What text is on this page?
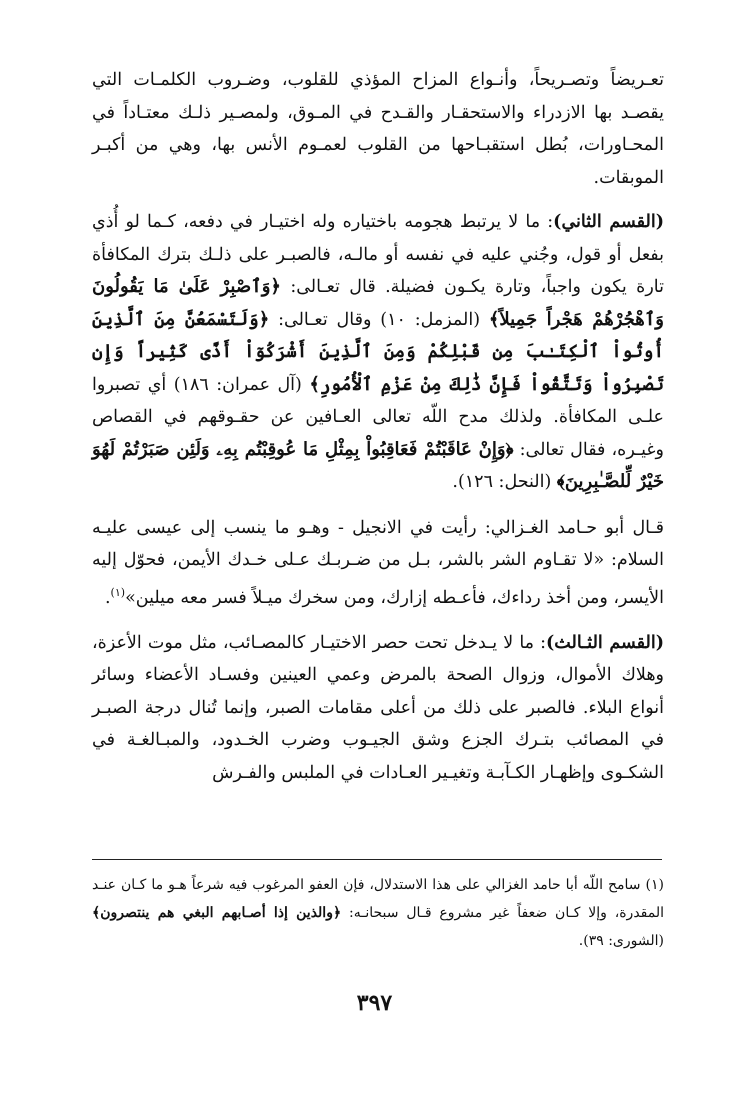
تعـريضاً وتصـريحاً، وأنـواع المزاح المؤذي للقلوب، وضـروب الكلمـات التي يقصـد بها الازدراء والاستحقـار والقـدح في المـوق، ولمصـير ذلـك معتـاداً في المحـاورات، بُطل استقبـاحها من القلوب لعمـوم الأنس بها، وهي من أكبـر الموبقات.

(القسم الثاني): ما لا يرتبط هجومه باختياره وله اختيـار في دفعه، كـما لو أُذي بفعل أو قول، وجُني عليه في نفسه أو مالـه، فالصبـر على ذلـك بترك المكافأة تارة يكون واجباً، وتارة يكـون فضيلة. قال تعـالى: ﴿وَٱصْبِرْ عَلَىٰ مَا يَقُولُونَ وَٱهْجُرْهُمْ هَجْراً جَمِيلاً﴾ (المزمل: ١٠) وقال تعـالى: ﴿وَلَتَسْمَعُنَّ مِنَ ٱلَّذِينَ أُوتُواْ ٱلْكِتَـٰبَ مِن قَبْلِكُمْ وَمِنَ ٱلَّذِينَ أَشْرَكُوٓاْ أَذًى كَثِيراً وَإِن تَصْبِرُواْ وَتَتَّقُواْ فَإِنَّ ذَٰلِكَ مِنْ عَزْمِ ٱلْأُمُورِ﴾ (آل عمران: ١٨٦) أي تصبروا علـى المكافأة. ولذلك مدح اللّه تعالى العـافين عن حقـوقهم في القصاص وغيـره، فقال تعالى: ﴿وَإِنْ عَاقَبْتُمْ فَعَاقِبُواْ بِمِثْلِ مَا عُوقِبْتُم بِهِۦ وَلَئِن صَبَرْتُمْ لَهُوَ خَيْرٌ لِّلصَّـٰبِرِينَ﴾ (النحل: ١٢٦).

قـال أبو حـامد الغـزالي: رأيت في الانجيل - وهـو ما ينسب إلى عيسى عليـه السلام: «لا تقـاوم الشر بالشر، بـل من ضـربـك عـلى خـدك الأيمن، فحوّل إليه الأيسر، ومن أخذ رداءك، فأعـطه إزارك، ومن سخرك ميـلاً فسر معه ميلين»$^{(١)}$.

(القسم الثـالث): ما لا يـدخل تحت حصر الاختيـار كالمصـائب، مثل موت الأعزة، وهلاك الأموال، وزوال الصحة بالمرض وعمي العينين وفسـاد الأعضاء وسائر أنواع البلاء. فالصبر على ذلك من أعلى مقامات الصبر، وإنما تُنال درجة الصبـر في المصائب بتـرك الجزع وشق الجيـوب وضرب الخـدود، والمبـالغـة في الشكـوى وإظهـار الكـآبـة وتغيـير العـادات في الملبس والفـرش

(١) سامح اللّه أبا حامد الغزالي على هذا الاستدلال، فإن العفو المرغوب فيه شرعاً هـو ما كـان عنـد المقدرة، وإلا كـان ضعفاً غير مشروع قـال سبحانـه: ﴿والذين إذا أصـابهم البغي هم ينتصرون﴾ (الشورى: ٣٩).

٣٩٧
